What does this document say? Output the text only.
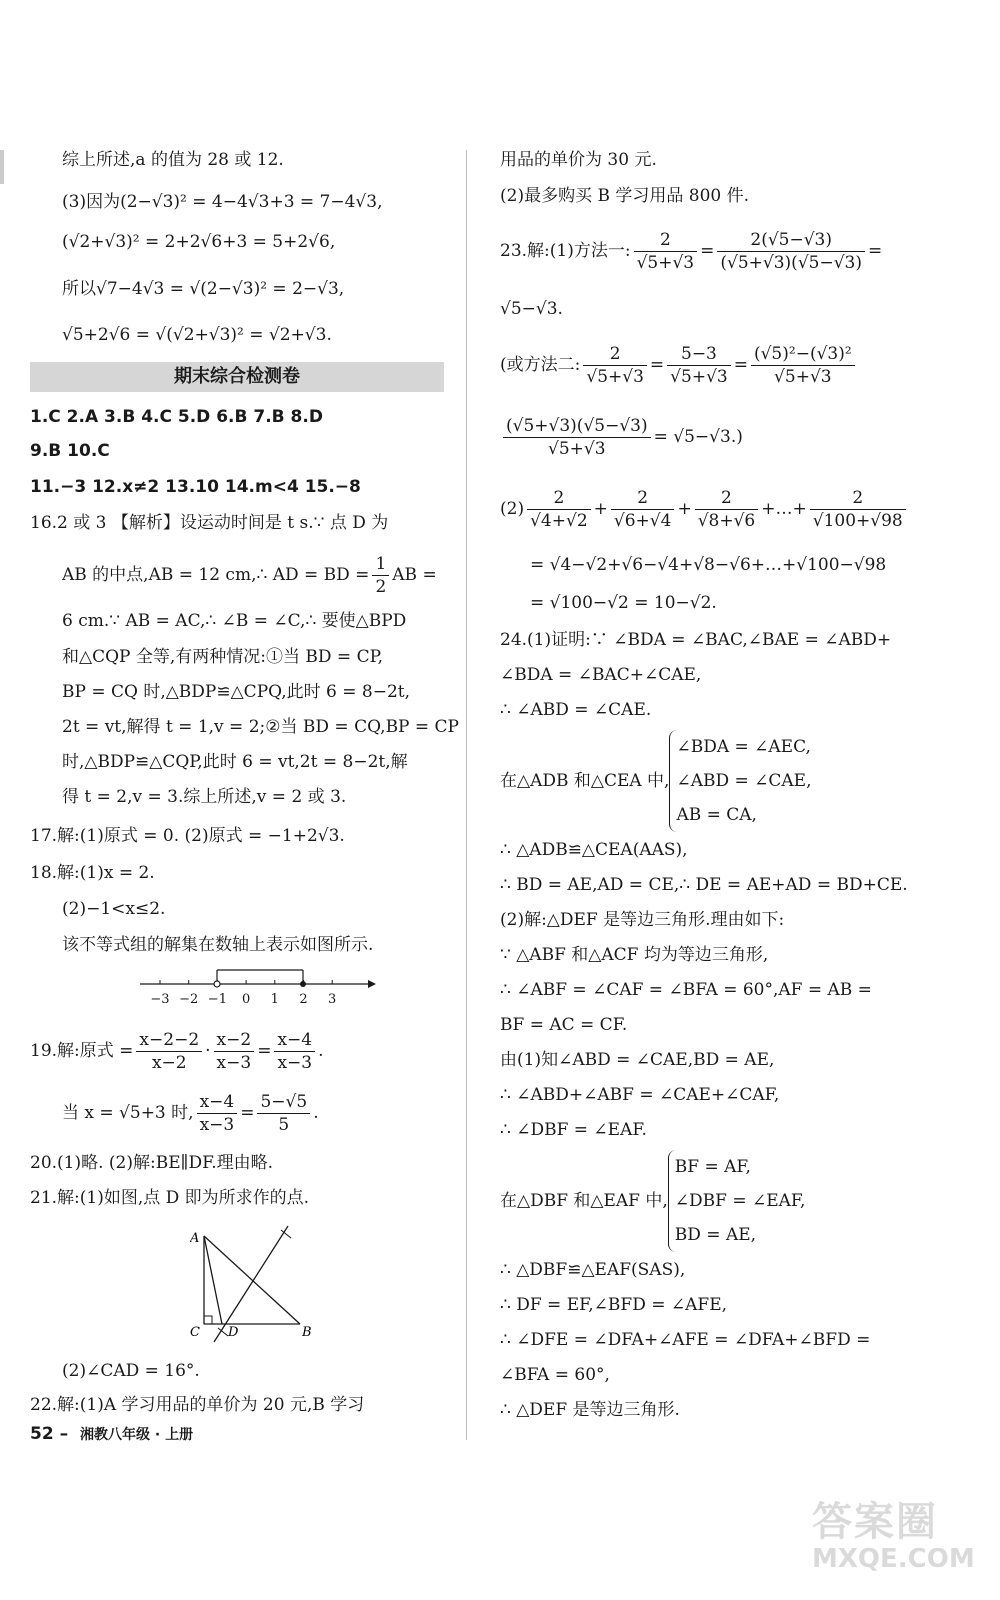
综上所述,a 的值为 28 或 12.
(3)因为(2−√3)² = 4−4√3+3 = 7−4√3,
(√2+√3)² = 2+2√6+3 = 5+2√6,
所以√7−4√3 = √(2−√3)² = 2−√3,
√5+2√6 = √(√2+√3)² = √2+√3.
期末综合检测卷
1.C 2.A 3.B 4.C 5.D 6.B 7.B 8.D
9.B 10.C
11.−3 12.x≠2 13.10 14.m<4 15.−8
16.2 或 3 【解析】设运动时间是 t s.∵ 点 D 为
AB 的中点,AB = 12 cm,∴ AD = BD = $\frac{1}{2}$ AB =
6 cm.∵ AB = AC,∴ ∠B = ∠C,∴ 要使△BPD
和△CQP 全等,有两种情况:①当 BD = CP,
BP = CQ 时,△BDP≌△CPQ,此时 6 = 8−2t,
2t = vt,解得 t = 1,v = 2;②当 BD = CQ,BP = CP
时,△BDP≌△CQP,此时 6 = vt,2t = 8−2t,解
得 t = 2,v = 3.综上所述,v = 2 或 3.
17.解:(1)原式 = 0. (2)原式 = −1+2√3.
18.解:(1)x = 2.
(2)−1<x≤2.
该不等式组的解集在数轴上表示如图所示.
−3 −2 −1	0	1	2	3
19.解:原式 = $\frac{x-2-2}{x-2} \cdot \frac{x-2}{x-3} = \frac{x-4}{x-3}$ .
当 x = √5+3 时, $\frac{x-4}{x-3} = \frac{5-√5}{5}$ .
20.(1)略. (2)解:BE∥DF.理由略.
21.解:(1)如图,点 D 即为所求作的点.
A
C D	B
(2)∠CAD = 16°.
22.解:(1)A 学习用品的单价为 20 元,B 学习
52 – 湘教八年级 · 上册
用品的单价为 30 元.
(2)最多购买 B 学习用品 800 件.
23.解:(1)方法一: $\frac{2}{√5+√3} = \frac{2(√5-√3)}{(√5+√3)(√5-√3)}$ =
√5−√3.
(或方法二: $\frac{2}{√5+√3} = \frac{5-3}{√5+√3} = \frac{\text{(√5)²−(√3)²}}{√5+√3}$
$\frac{(√5+√3)(√5-√3)}{√5+√3} = √5-√3$.)
$(2) \frac{2}{√4+√2} + \frac{2}{√6+√4} + \frac{2}{√8+√6}$ +…+ $\frac{2}{√100+√98}$
= √4−√2+√6−√4+√8−√6+…+√100−√98
= √100−√2 = 10−√2.
24.(1)证明:∵ ∠BDA = ∠BAC,∠BAE = ∠ABD+
∠BDA = ∠BAC+∠CAE,
∴ ∠ABD = ∠CAE.
在△ADB 和△CEA 中,
∠BDA = ∠AEC,
∠ABD = ∠CAE,
AB = CA,
∴ △ADB≌△CEA(AAS),
∴ BD = AE,AD = CE,∴ DE = AE+AD = BD+CE.
(2)解:△DEF 是等边三角形.理由如下:
∵ △ABF 和△ACF 均为等边三角形,
∴ ∠ABF = ∠CAF = ∠BFA = 60°,AF = AB =
BF = AC = CF.
由(1)知∠ABD = ∠CAE,BD = AE,
∴ ∠ABD+∠ABF = ∠CAE+∠CAF,
∴ ∠DBF = ∠EAF.
在△DBF 和△EAF 中,
BF = AF,
∠DBF = ∠EAF,
BD = AE,
∴ △DBF≌△EAF(SAS),
∴ DF = EF,∠BFD = ∠AFE,
∴ ∠DFE = ∠DFA+∠AFE = ∠DFA+∠BFD =
∠BFA = 60°,
∴ △DEF 是等边三角形.
答案圈
MXQE.COM
